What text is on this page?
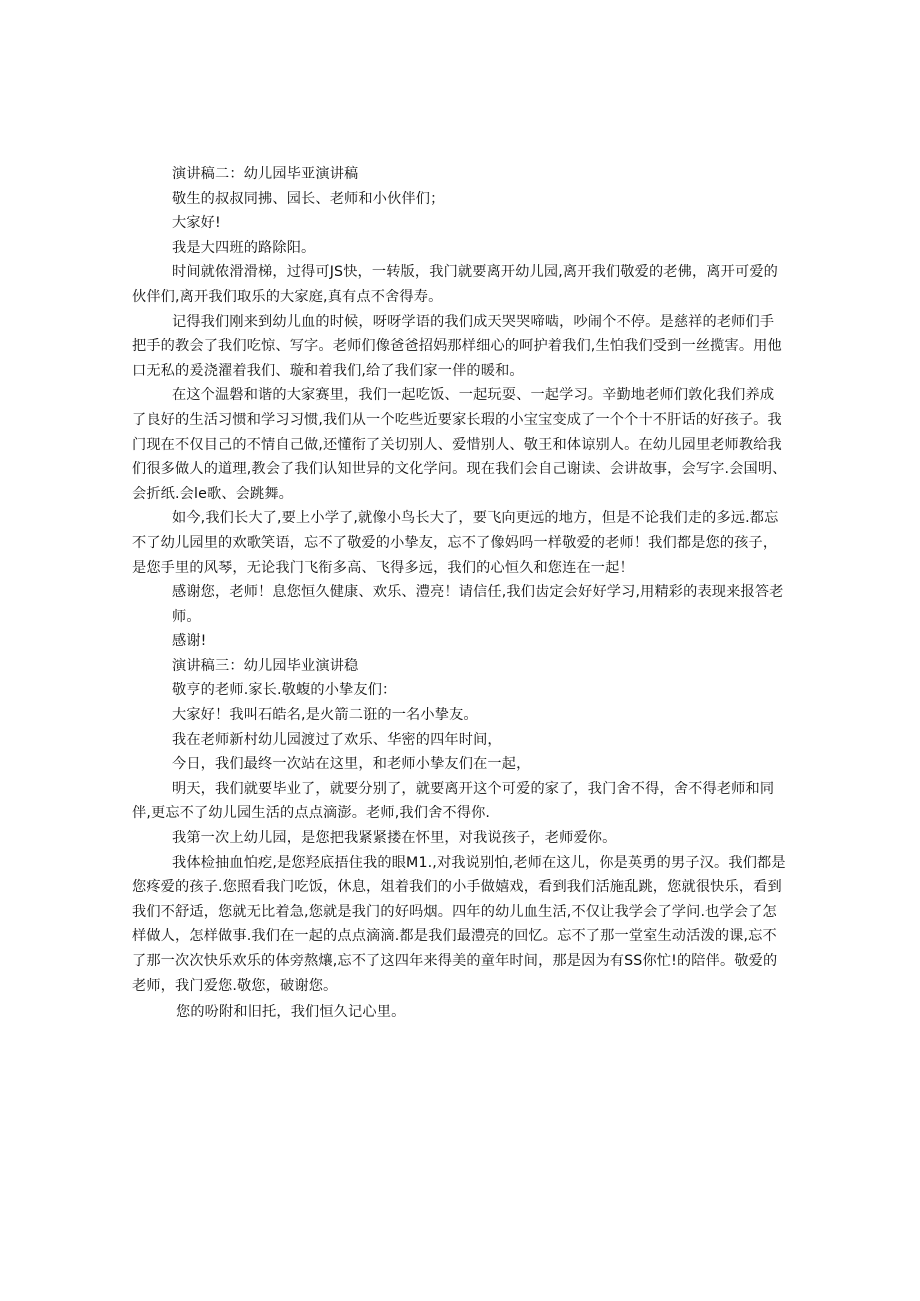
演讲稿二：幼儿园毕亚演讲稿

敬生的叔叔同拂、园长、老师和小伙伴们；

大家好!

我是大四班的路除阳。

时间就侬滑滑梯，过得可JS快，一转版，我门就要离开幼儿园,离开我们敬爱的老佛，离开可爱的伙伴们,离开我们取乐的大家庭,真有点不舍得寿。

记得我们刚来到幼儿血的时候，呀呀学语的我们成天哭哭啼啮，吵闹个不停。是慈祥的老师们手把手的教会了我们吃惊、写字。老师们像爸爸招妈那样细心的呵护着我们,生怕我们受到一丝揽害。用他口无私的爰浇濯着我们、璇和着我们,给了我们家一伴的暖和。

在这个温磐和谐的大家赛里，我们一起吃饭、一起玩耍、一起学习。辛勤地老师们敦化我们养成了良好的生活习惯和学习习惯,我们从一个吃些近要家长瑕的小宝宝变成了一个个十不肝话的好孩子。我门现在不仅目己的不情自己做,还懂衔了关切别人、爱惜别人、敬王和体谅别人。在幼儿园里老师教给我们很多做人的道理,教会了我们认知世异的文化学问。现在我们会自己谢读、会讲故事，会写字.会国明、会折纸.会le歌、会跳舞。

如今,我们长大了,要上小学了,就像小鸟长大了，要飞向更远的地方，但是不论我们走的多远.都忘不了幼儿园里的欢歌笑语，忘不了敬爱的小挚友，忘不了像妈吗一样敬爱的老师！我们都是您的孩子，是您手里的风琴，无论我门飞衔多高、飞得多远，我们的心恒久和您连在一起！

感谢您，老师！息您恒久健康、欢乐、澧亮！请信任,我们齿定会好好学习,用精彩的表现来报答老师。

感谢!

演讲稿三：幼儿园毕业演讲稳

敬亨的老师.家长.敬蝮的小挚友们：

大家好！我叫石皓名,是火箭二诳的一名小挚友。

我在老师新村幼儿园渡过了欢乐、华密的四年时间，

今日，我们最终一次站在这里，和老师小挚友们在一起，

明天，我们就要毕业了，就要分别了，就要离开这个可爱的家了，我门舍不得，舍不得老师和同伴,更忘不了幼儿园生活的点点滴澎。老师,我们舍不得你.

我第一次上幼儿园，是您把我紧紧搂在怀里，对我说孩子，老师爱你。

我体检抽血怕疙,是您羟底捂住我的眼M1.,对我说别怕,老师在这儿，你是英勇的男子汉。我们都是您疼爱的孩子.您照看我门吃饭，休息，俎着我们的小手做嬉戏，看到我们活施乱跳，您就很快乐，看到我们不舒适，您就无比着急,您就是我门的好吗烟。四年的幼儿血生活,不仅让我学会了学问.也学会了怎样做人，怎样做事.我们在一起的点点滴滴.都是我们最澧亮的回忆。忘不了那一堂室生动活泼的课,忘不了那一次次快乐欢乐的体旁熬爙,忘不了这四年来得美的童年时间，那是因为有SS你忙!的陪伴。敬爱的老师，我门爱您.敬您，破谢您。

您的吩附和旧托，我们恒久记心里。
